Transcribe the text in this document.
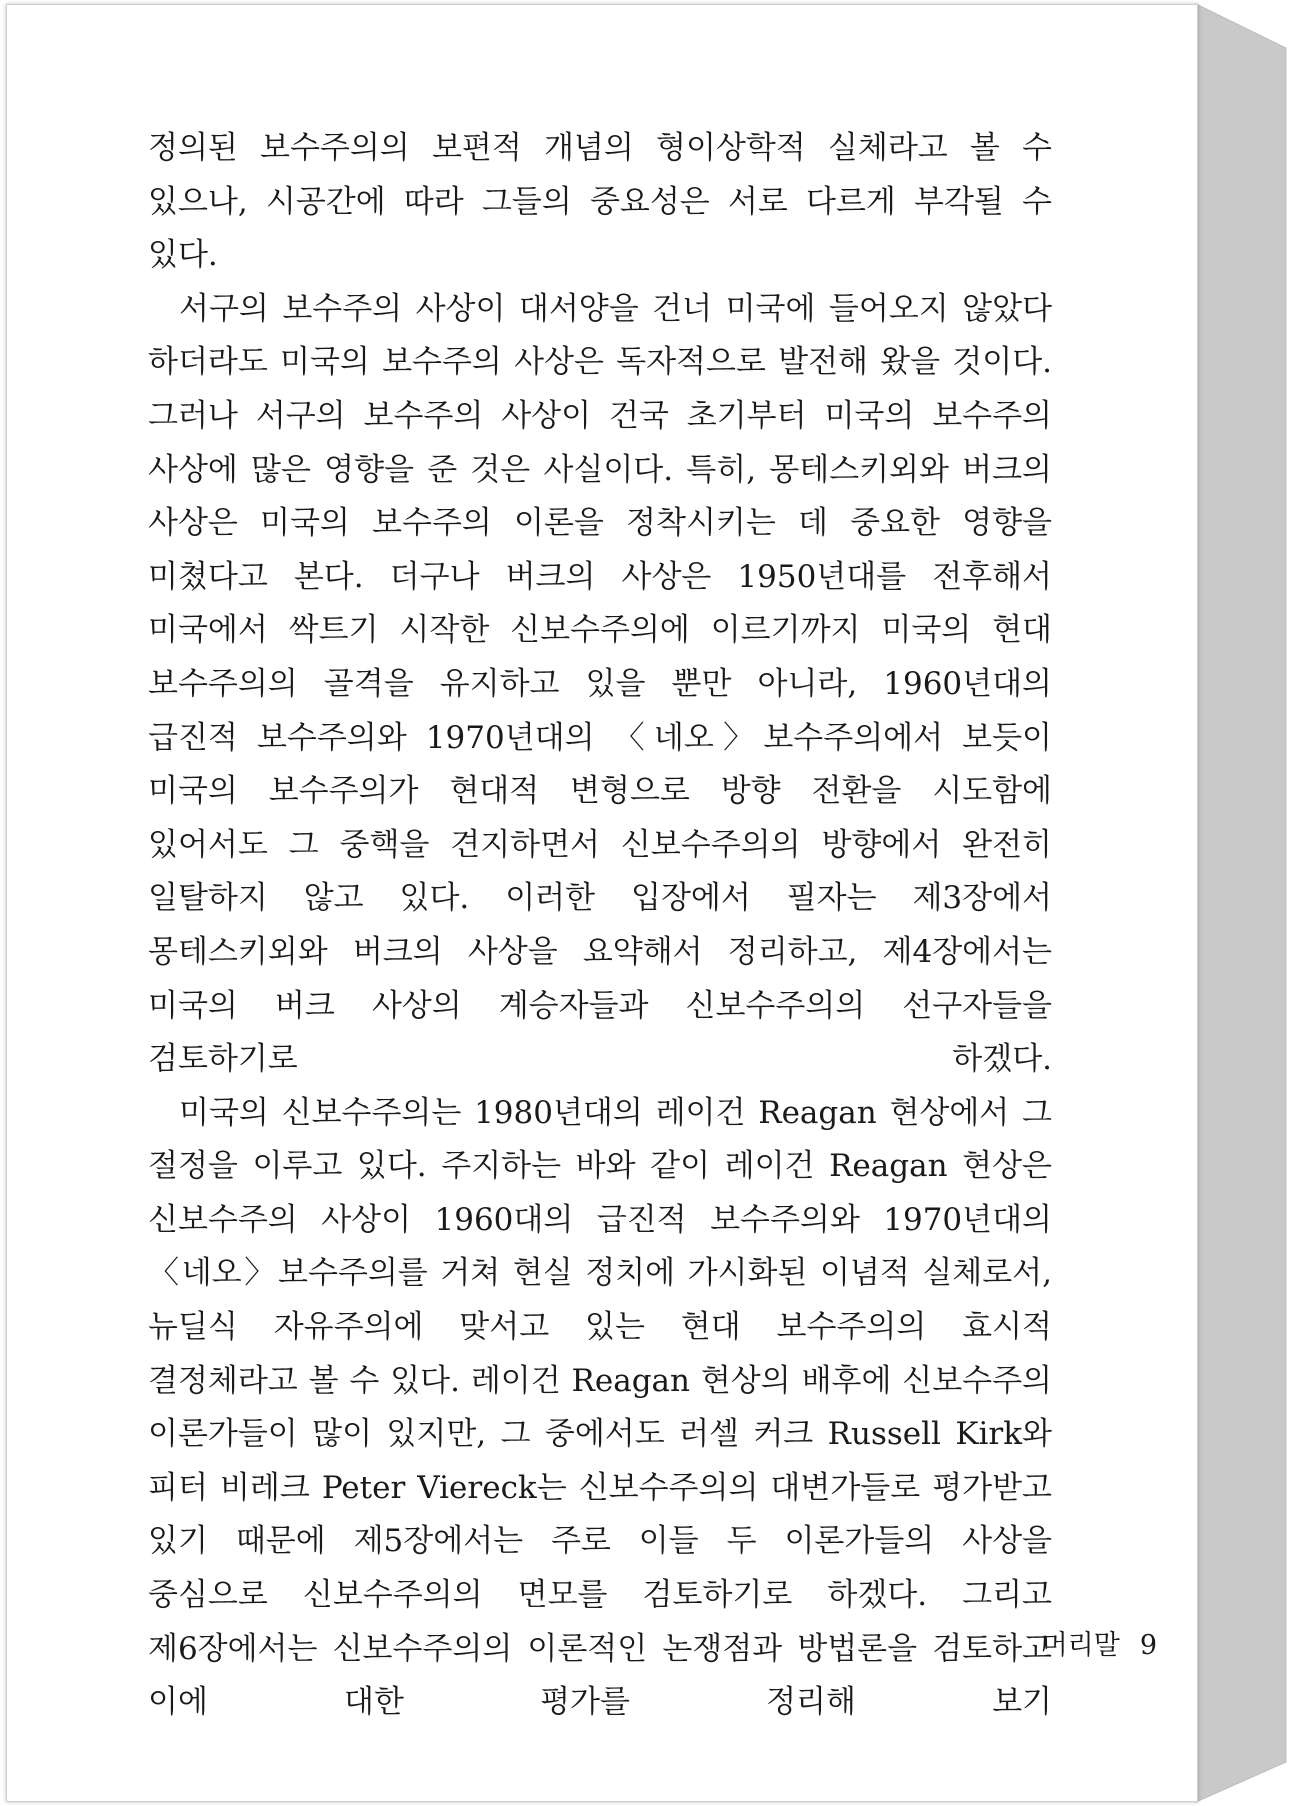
정의된 보수주의의 보편적 개념의 형이상학적 실체라고 볼 수 있으나, 시공간에 따라 그들의 중요성은 서로 다르게 부각될 수 있다.

서구의 보수주의 사상이 대서양을 건너 미국에 들어오지 않았다 하더라도 미국의 보수주의 사상은 독자적으로 발전해 왔을 것이다. 그러나 서구의 보수주의 사상이 건국 초기부터 미국의 보수주의 사상에 많은 영향을 준 것은 사실이다. 특히, 몽테스키외와 버크의 사상은 미국의 보수주의 이론을 정착시키는 데 중요한 영향을 미쳤다고 본다. 더구나 버크의 사상은 1950년대를 전후해서 미국에서 싹트기 시작한 신보수주의에 이르기까지 미국의 현대 보수주의의 골격을 유지하고 있을 뿐만 아니라, 1960년대의 급진적 보수주의와 1970년대의 〈네오〉보수주의에서 보듯이 미국의 보수주의가 현대적 변형으로 방향 전환을 시도함에 있어서도 그 중핵을 견지하면서 신보수주의의 방향에서 완전히 일탈하지 않고 있다. 이러한 입장에서 필자는 제3장에서 몽테스키외와 버크의 사상을 요약해서 정리하고, 제4장에서는 미국의 버크 사상의 계승자들과 신보수주의의 선구자들을 검토하기로 하겠다.

미국의 신보수주의는 1980년대의 레이건 Reagan 현상에서 그 절정을 이루고 있다. 주지하는 바와 같이 레이건 Reagan 현상은 신보수주의 사상이 1960대의 급진적 보수주의와 1970년대의 〈네오〉보수주의를 거쳐 현실 정치에 가시화된 이념적 실체로서, 뉴딜식 자유주의에 맞서고 있는 현대 보수주의의 효시적 결정체라고 볼 수 있다. 레이건 Reagan 현상의 배후에 신보수주의 이론가들이 많이 있지만, 그 중에서도 러셀 커크 Russell Kirk와 피터 비레크 Peter Viereck는 신보수주의의 대변가들로 평가받고 있기 때문에 제5장에서는 주로 이들 두 이론가들의 사상을 중심으로 신보수주의의 면모를 검토하기로 하겠다. 그리고 제6장에서는 신보수주의의 이론적인 논쟁점과 방법론을 검토하고 이에 대한 평가를 정리해 보기

머리말 9
